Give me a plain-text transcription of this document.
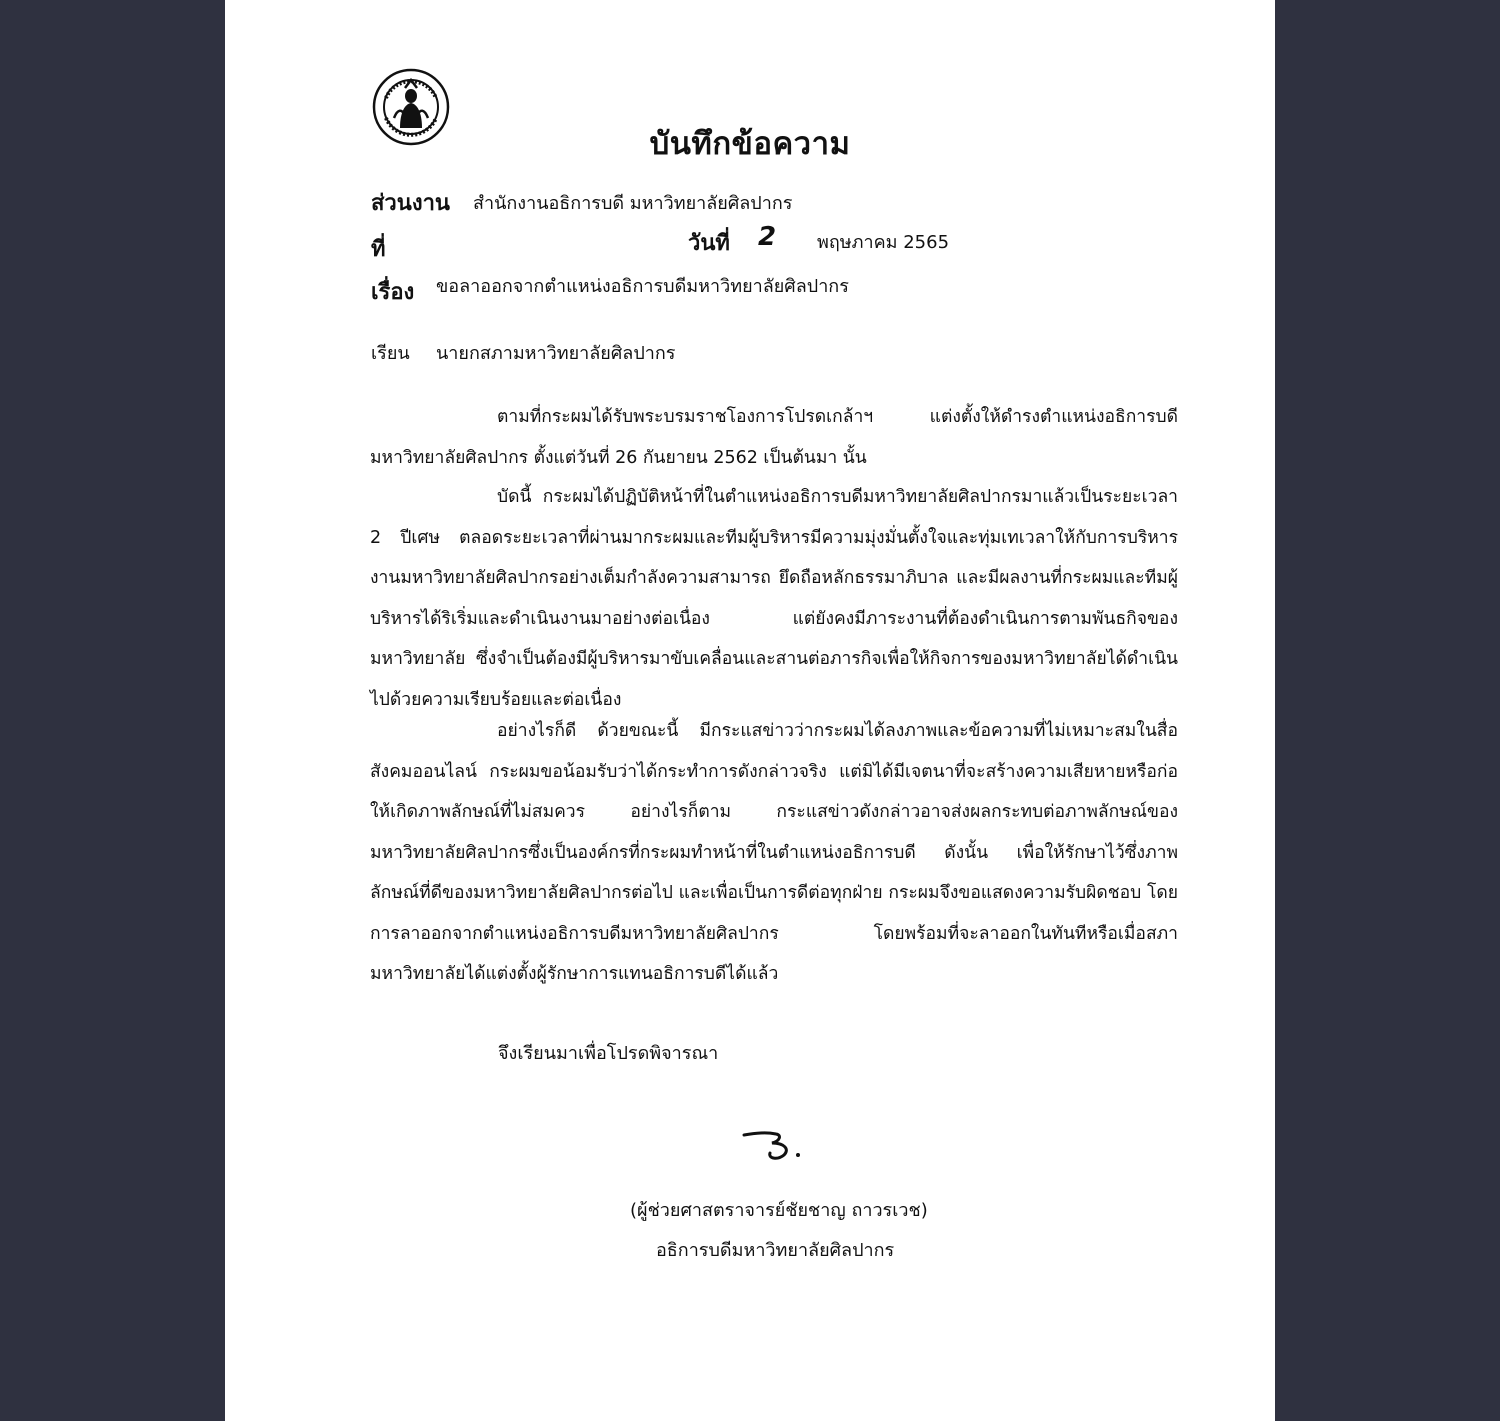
บันทึกข้อความ
ส่วนงาน สำนักงานอธิการบดี มหาวิทยาลัยศิลปากร
ที่	วันที่ 2 พฤษภาคม 2565
เรื่อง ขอลาออกจากตำแหน่งอธิการบดีมหาวิทยาลัยศิลปากร
เรียน นายกสภามหาวิทยาลัยศิลปากร
ตามที่กระผมได้รับพระบรมราชโองการโปรดเกล้าฯ แต่งตั้งให้ดำรงตำแหน่งอธิการบดีมหาวิทยาลัยศิลปากร ตั้งแต่วันที่ 26 กันยายน 2562 เป็นต้นมา นั้น
บัดนี้ กระผมได้ปฏิบัติหน้าที่ในตำแหน่งอธิการบดีมหาวิทยาลัยศิลปากรมาแล้วเป็นระยะเวลา 2 ปีเศษ ตลอดระยะเวลาที่ผ่านมากระผมและทีมผู้บริหารมีความมุ่งมั่นตั้งใจและทุ่มเทเวลาให้กับการบริหารงานมหาวิทยาลัยศิลปากรอย่างเต็มกำลังความสามารถ ยึดถือหลักธรรมาภิบาล และมีผลงานที่กระผมและทีมผู้บริหารได้ริเริ่มและดำเนินงานมาอย่างต่อเนื่อง แต่ยังคงมีภาระงานที่ต้องดำเนินการตามพันธกิจของมหาวิทยาลัย ซึ่งจำเป็นต้องมีผู้บริหารมาขับเคลื่อนและสานต่อภารกิจเพื่อให้กิจการของมหาวิทยาลัยได้ดำเนินไปด้วยความเรียบร้อยและต่อเนื่อง
อย่างไรก็ดี ด้วยขณะนี้ มีกระแสข่าวว่ากระผมได้ลงภาพและข้อความที่ไม่เหมาะสมในสื่อสังคมออนไลน์ กระผมขอน้อมรับว่าได้กระทำการดังกล่าวจริง แต่มิได้มีเจตนาที่จะสร้างความเสียหายหรือก่อให้เกิดภาพลักษณ์ที่ไม่สมควร อย่างไรก็ตาม กระแสข่าวดังกล่าวอาจส่งผลกระทบต่อภาพลักษณ์ของมหาวิทยาลัยศิลปากรซึ่งเป็นองค์กรที่กระผมทำหน้าที่ในตำแหน่งอธิการบดี ดังนั้น เพื่อให้รักษาไว้ซึ่งภาพลักษณ์ที่ดีของมหาวิทยาลัยศิลปากรต่อไป และเพื่อเป็นการดีต่อทุกฝ่าย กระผมจึงขอแสดงความรับผิดชอบ โดยการลาออกจากตำแหน่งอธิการบดีมหาวิทยาลัยศิลปากร โดยพร้อมที่จะลาออกในทันทีหรือเมื่อสภามหาวิทยาลัยได้แต่งตั้งผู้รักษาการแทนอธิการบดีได้แล้ว
จึงเรียนมาเพื่อโปรดพิจารณา
(ผู้ช่วยศาสตราจารย์ชัยชาญ ถาวรเวช)
อธิการบดีมหาวิทยาลัยศิลปากร
